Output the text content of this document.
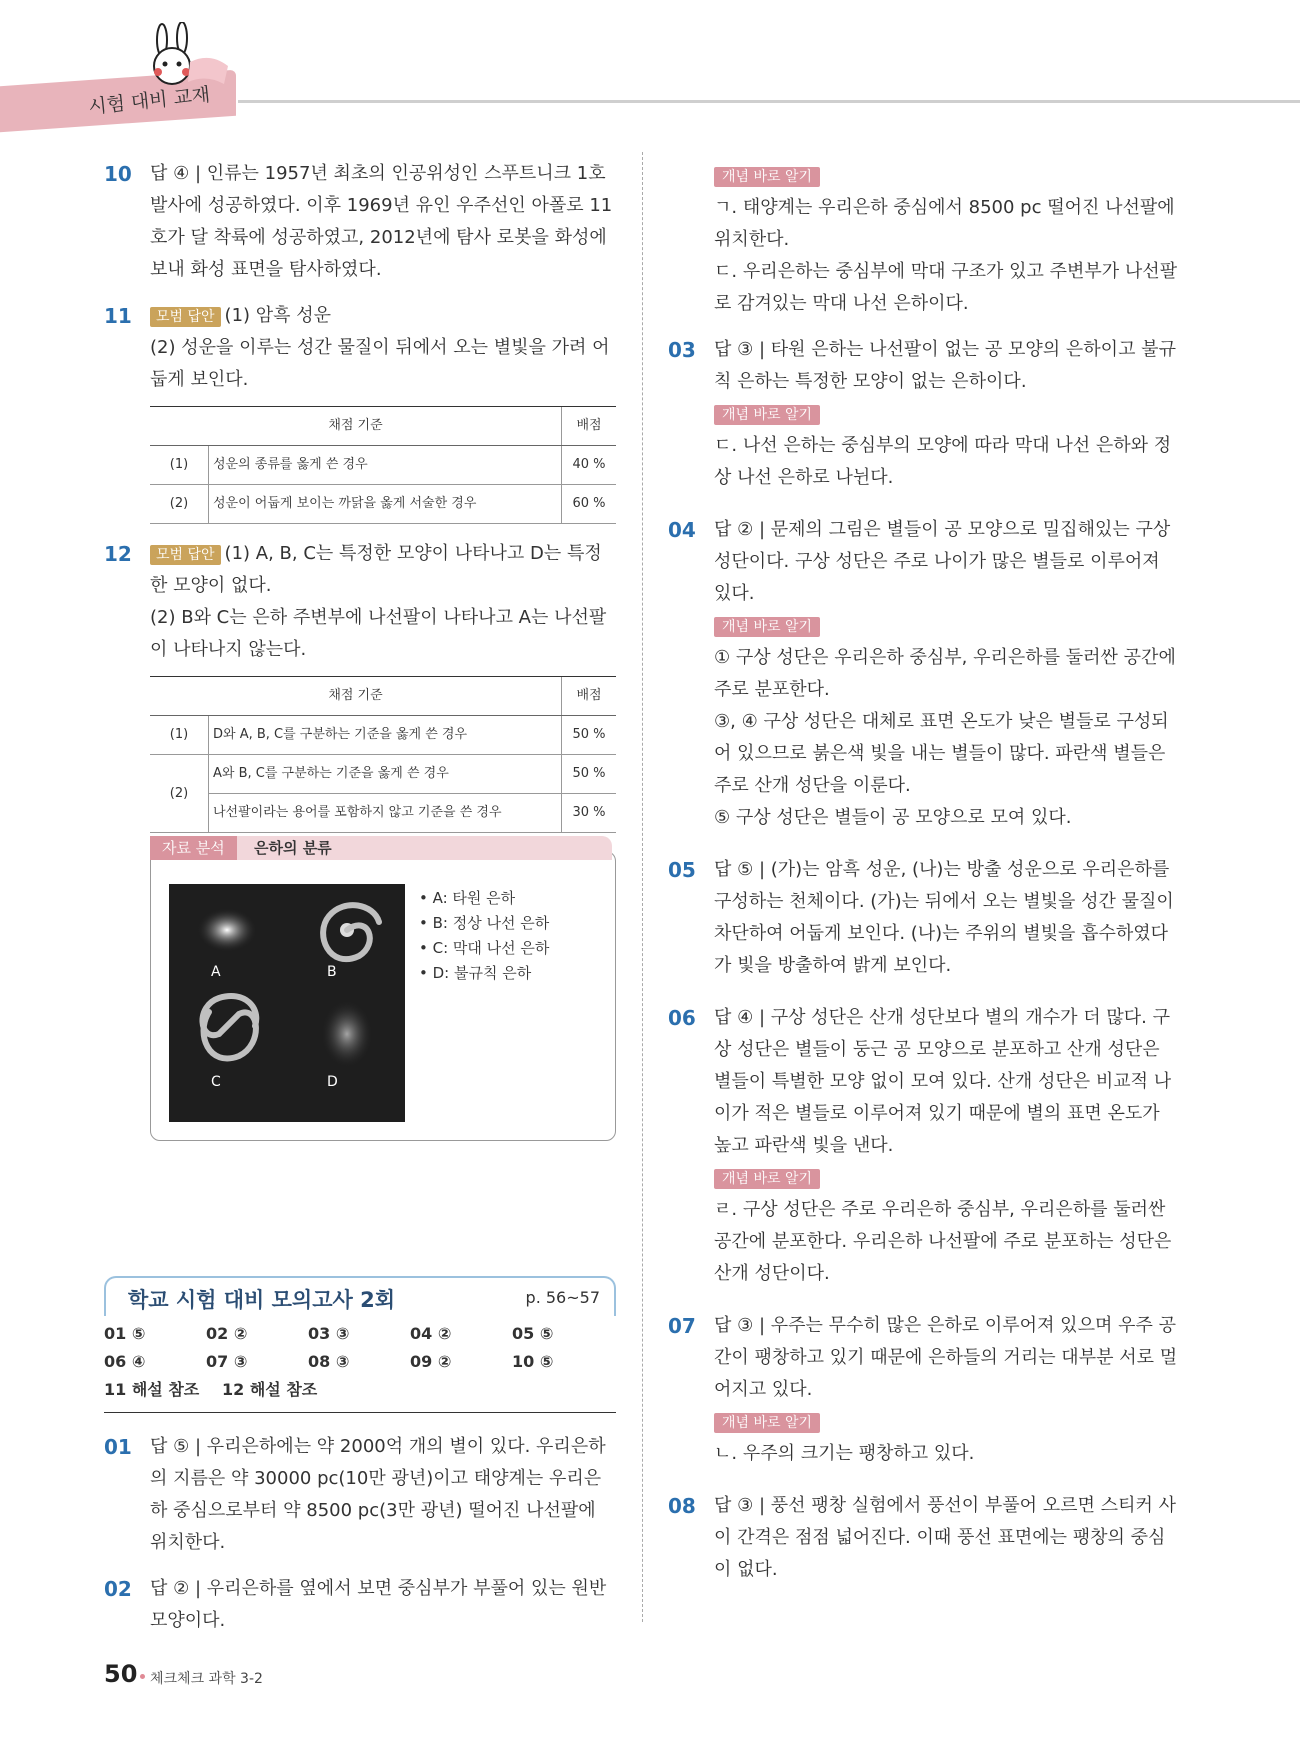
시험 대비 교재
10 답 ④ | 인류는 1957년 최초의 인공위성인 스푸트니크 1호 발사에 성공하였다. 이후 1969년 유인 우주선인 아폴로 11호가 달 착륙에 성공하였고, 2012년에 탐사 로봇을 화성에 보내 화성 표면을 탐사하였다.
11	모범 답안 (1) 암흑 성운
(2) 성운을 이루는 성간 물질이 뒤에서 오는 별빛을 가려 어둡게 보인다.
채점 기준		배점
(1)	성운의 종류를 옳게 쓴 경우	40 %
(2)	성운이 어둡게 보이는 까닭을 옳게 서술한 경우	60 %
12	모범 답안 (1) A, B, C는 특정한 모양이 나타나고 D는 특정한 모양이 없다.
(2) B와 C는 은하 주변부에 나선팔이 나타나고 A는 나선팔이 나타나지 않는다.
채점 기준		배점
(1)	D와 A, B, C를 구분하는 기준을 옳게 쓴 경우	50 %
(2)	A와 B, C를 구분하는 기준을 옳게 쓴 경우	50 %
	나선팔이라는 용어를 포함하지 않고 기준을 쓴 경우	30 %
자료 분석	은하의 분류
A	B
C	D
• A: 타원 은하
• B: 정상 나선 은하
• C: 막대 나선 은하
• D: 불규칙 은하
학교 시험 대비 모의고사 2회	p. 56~57
01 ⑤	02 ②	03 ③	04 ②	05 ⑤
06 ④	07 ③	08 ③	09 ②	10 ⑤
11 해설 참조	12 해설 참조
01 답 ⑤ | 우리은하에는 약 2000억 개의 별이 있다. 우리은하의 지름은 약 30000 pc(10만 광년)이고 태양계는 우리은하 중심으로부터 약 8500 pc(3만 광년) 떨어진 나선팔에 위치한다.
02 답 ② | 우리은하를 옆에서 보면 중심부가 부풀어 있는 원반 모양이다.
개념 바로 알기
ㄱ. 태양계는 우리은하 중심에서 8500 pc 떨어진 나선팔에 위치한다.
ㄷ. 우리은하는 중심부에 막대 구조가 있고 주변부가 나선팔로 감겨있는 막대 나선 은하이다.
03 답 ③ | 타원 은하는 나선팔이 없는 공 모양의 은하이고 불규칙 은하는 특정한 모양이 없는 은하이다.
개념 바로 알기
ㄷ. 나선 은하는 중심부의 모양에 따라 막대 나선 은하와 정상 나선 은하로 나뉜다.
04 답 ② | 문제의 그림은 별들이 공 모양으로 밀집해있는 구상 성단이다. 구상 성단은 주로 나이가 많은 별들로 이루어져 있다.
개념 바로 알기
① 구상 성단은 우리은하 중심부, 우리은하를 둘러싼 공간에 주로 분포한다.
③, ④ 구상 성단은 대체로 표면 온도가 낮은 별들로 구성되어 있으므로 붉은색 빛을 내는 별들이 많다. 파란색 별들은 주로 산개 성단을 이룬다.
⑤ 구상 성단은 별들이 공 모양으로 모여 있다.
05 답 ⑤ | (가)는 암흑 성운, (나)는 방출 성운으로 우리은하를 구성하는 천체이다. (가)는 뒤에서 오는 별빛을 성간 물질이 차단하여 어둡게 보인다. (나)는 주위의 별빛을 흡수하였다가 빛을 방출하여 밝게 보인다.
06 답 ④ | 구상 성단은 산개 성단보다 별의 개수가 더 많다. 구상 성단은 별들이 둥근 공 모양으로 분포하고 산개 성단은 별들이 특별한 모양 없이 모여 있다. 산개 성단은 비교적 나이가 적은 별들로 이루어져 있기 때문에 별의 표면 온도가 높고 파란색 빛을 낸다.
개념 바로 알기
ㄹ. 구상 성단은 주로 우리은하 중심부, 우리은하를 둘러싼 공간에 분포한다. 우리은하 나선팔에 주로 분포하는 성단은 산개 성단이다.
07 답 ③ | 우주는 무수히 많은 은하로 이루어져 있으며 우주 공간이 팽창하고 있기 때문에 은하들의 거리는 대부분 서로 멀어지고 있다.
개념 바로 알기
ㄴ. 우주의 크기는 팽창하고 있다.
08 답 ③ | 풍선 팽창 실험에서 풍선이 부풀어 오르면 스티커 사이 간격은 점점 넓어진다. 이때 풍선 표면에는 팽창의 중심이 없다.
50 체크체크 과학 3-2
